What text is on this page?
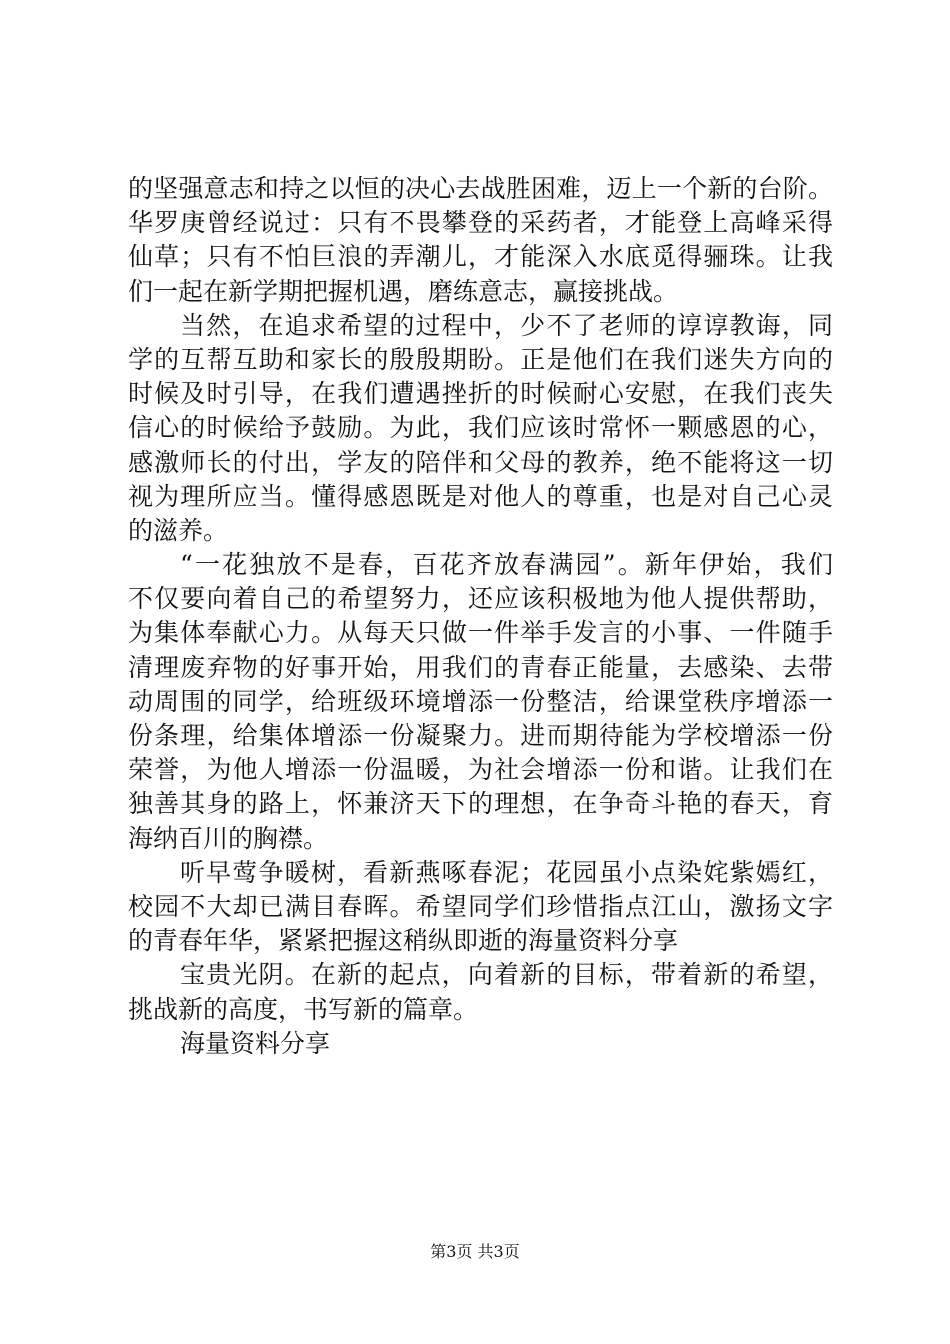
的坚强意志和持之以恒的决心去战胜困难，迈上一个新的台阶。
华罗庚曾经说过：只有不畏攀登的采药者，才能登上高峰采得
仙草；只有不怕巨浪的弄潮儿，才能深入水底觅得骊珠。让我
们一起在新学期把握机遇，磨练意志，赢接挑战。
当然，在追求希望的过程中，少不了老师的谆谆教诲，同
学的互帮互助和家长的殷殷期盼。正是他们在我们迷失方向的
时候及时引导，在我们遭遇挫折的时候耐心安慰，在我们丧失
信心的时候给予鼓励。为此，我们应该时常怀一颗感恩的心，
感激师长的付出，学友的陪伴和父母的教养，绝不能将这一切
视为理所应当。懂得感恩既是对他人的尊重，也是对自己心灵
的滋养。
“一花独放不是春，百花齐放春满园”。新年伊始，我们
不仅要向着自己的希望努力，还应该积极地为他人提供帮助，
为集体奉献心力。从每天只做一件举手发言的小事、一件随手
清理废弃物的好事开始，用我们的青春正能量，去感染、去带
动周围的同学，给班级环境增添一份整洁，给课堂秩序增添一
份条理，给集体增添一份凝聚力。进而期待能为学校增添一份
荣誉，为他人增添一份温暖，为社会增添一份和谐。让我们在
独善其身的路上，怀兼济天下的理想，在争奇斗艳的春天，育
海纳百川的胸襟。
听早莺争暖树，看新燕啄春泥；花园虽小点染姹紫嫣红，
校园不大却已满目春晖。希望同学们珍惜指点江山，激扬文字
的青春年华，紧紧把握这稍纵即逝的海量资料分享
宝贵光阴。在新的起点，向着新的目标，带着新的希望，
挑战新的高度，书写新的篇章。
海量资料分享
第3页 共3页
